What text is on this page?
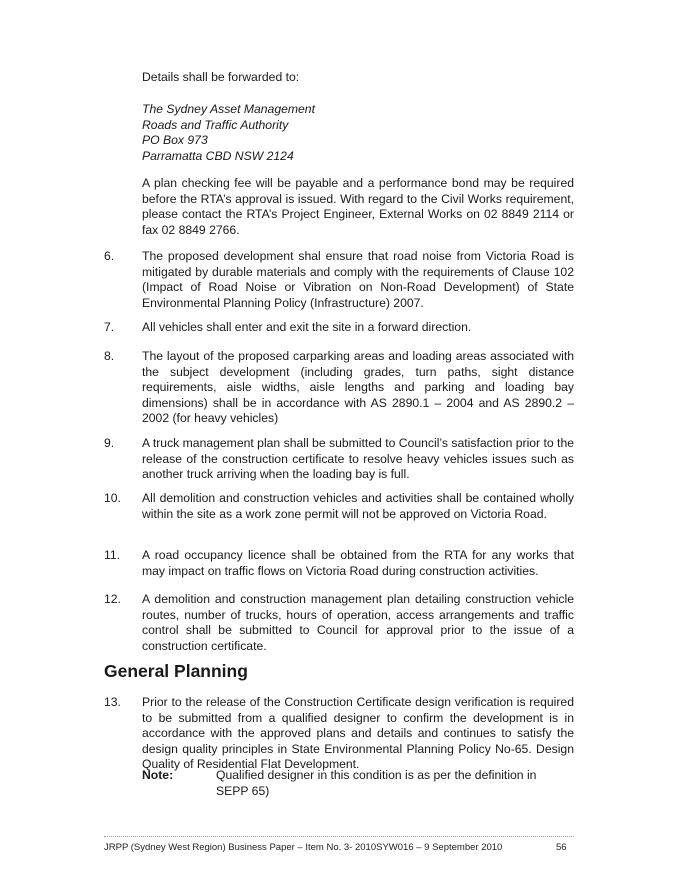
Details shall be forwarded to:

The Sydney Asset Management

Roads and Traffic Authority

PO Box 973

Parramatta CBD NSW 2124

A plan checking fee will be payable and a performance bond may be required before the RTA’s approval is issued. With regard to the Civil Works requirement, please contact the RTA’s Project Engineer, External Works on 02 8849 2114 or fax 02 8849 2766.
6. The proposed development shal ensure that road noise from Victoria Road is mitigated by durable materials and comply with the requirements of Clause 102 (Impact of Road Noise or Vibration on Non-Road Development) of State Environmental Planning Policy (Infrastructure) 2007.
7. All vehicles shall enter and exit the site in a forward direction.
8. The layout of the proposed carparking areas and loading areas associated with the subject development (including grades, turn paths, sight distance requirements, aisle widths, aisle lengths and parking and loading bay dimensions) shall be in accordance with AS 2890.1 – 2004 and AS 2890.2 – 2002 (for heavy vehicles)
9. A truck management plan shall be submitted to Council’s satisfaction prior to the release of the construction certificate to resolve heavy vehicles issues such as another truck arriving when the loading bay is full.
10. All demolition and construction vehicles and activities shall be contained wholly within the site as a work zone permit will not be approved on Victoria Road.
11. A road occupancy licence shall be obtained from the RTA for any works that may impact on traffic flows on Victoria Road during construction activities.
12. A demolition and construction management plan detailing construction vehicle routes, number of trucks, hours of operation, access arrangements and traffic control shall be submitted to Council for approval prior to the issue of a construction certificate.
General Planning
13. Prior to the release of the Construction Certificate design verification is required to be submitted from a qualified designer to confirm the development is in accordance with the approved plans and details and continues to satisfy the design quality principles in State Environmental Planning Policy No-65. Design Quality of Residential Flat Development.
Note:	Qualified designer in this condition is as per the definition in SEPP 65)
JRPP (Sydney West Region) Business Paper – Item No. 3- 2010SYW016 – 9 September 2010	56
